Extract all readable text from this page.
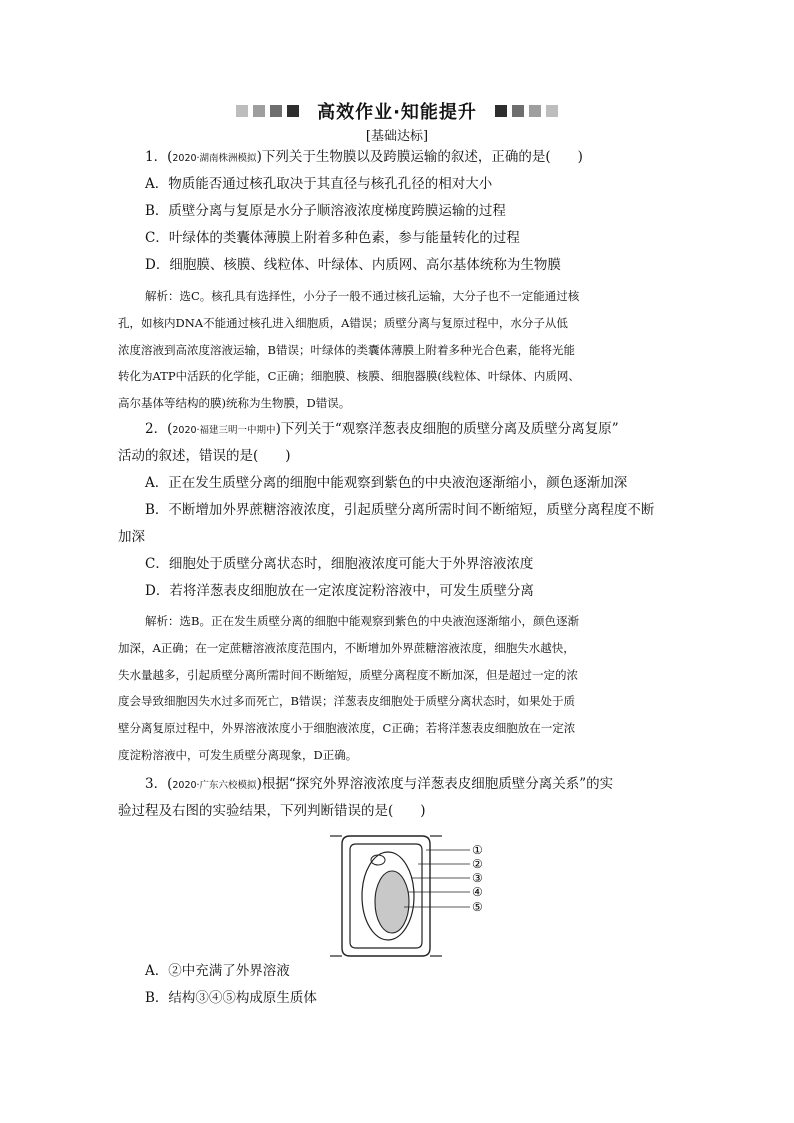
高效作业·知能提升
[基础达标]
1．(2020·湖南株洲模拟)下列关于生物膜以及跨膜运输的叙述，正确的是(　　)
A．物质能否通过核孔取决于其直径与核孔孔径的相对大小
B．质壁分离与复原是水分子顺溶液浓度梯度跨膜运输的过程
C．叶绿体的类囊体薄膜上附着多种色素，参与能量转化的过程
D．细胞膜、核膜、线粒体、叶绿体、内质网、高尔基体统称为生物膜
解析：选C。核孔具有选择性，小分子一般不通过核孔运输，大分子也不一定能通过核
孔，如核内DNA不能通过核孔进入细胞质，A错误；质壁分离与复原过程中，水分子从低
浓度溶液到高浓度溶液运输，B错误；叶绿体的类囊体薄膜上附着多种光合色素，能将光能
转化为ATP中活跃的化学能，C正确；细胞膜、核膜、细胞器膜(线粒体、叶绿体、内质网、
高尔基体等结构的膜)统称为生物膜，D错误。
2．(2020·福建三明一中期中)下列关于“观察洋葱表皮细胞的质壁分离及质壁分离复原”
活动的叙述，错误的是(　　)
A．正在发生质壁分离的细胞中能观察到紫色的中央液泡逐渐缩小，颜色逐渐加深
B．不断增加外界蔗糖溶液浓度，引起质壁分离所需时间不断缩短，质壁分离程度不断
加深
C．细胞处于质壁分离状态时，细胞液浓度可能大于外界溶液浓度
D．若将洋葱表皮细胞放在一定浓度淀粉溶液中，可发生质壁分离
解析：选B。正在发生质壁分离的细胞中能观察到紫色的中央液泡逐渐缩小，颜色逐渐
加深，A正确；在一定蔗糖溶液浓度范围内，不断增加外界蔗糖溶液浓度，细胞失水越快，
失水量越多，引起质壁分离所需时间不断缩短，质壁分离程度不断加深，但是超过一定的浓
度会导致细胞因失水过多而死亡，B错误；洋葱表皮细胞处于质壁分离状态时，如果处于质
壁分离复原过程中，外界溶液浓度小于细胞液浓度，C正确；若将洋葱表皮细胞放在一定浓
度淀粉溶液中，可发生质壁分离现象，D正确。
3．(2020·广东六校模拟)根据“探究外界溶液浓度与洋葱表皮细胞质壁分离关系”的实
验过程及右图的实验结果，下列判断错误的是(　　)
①
②
③
④
⑤
A．②中充满了外界溶液
B．结构③④⑤构成原生质体
